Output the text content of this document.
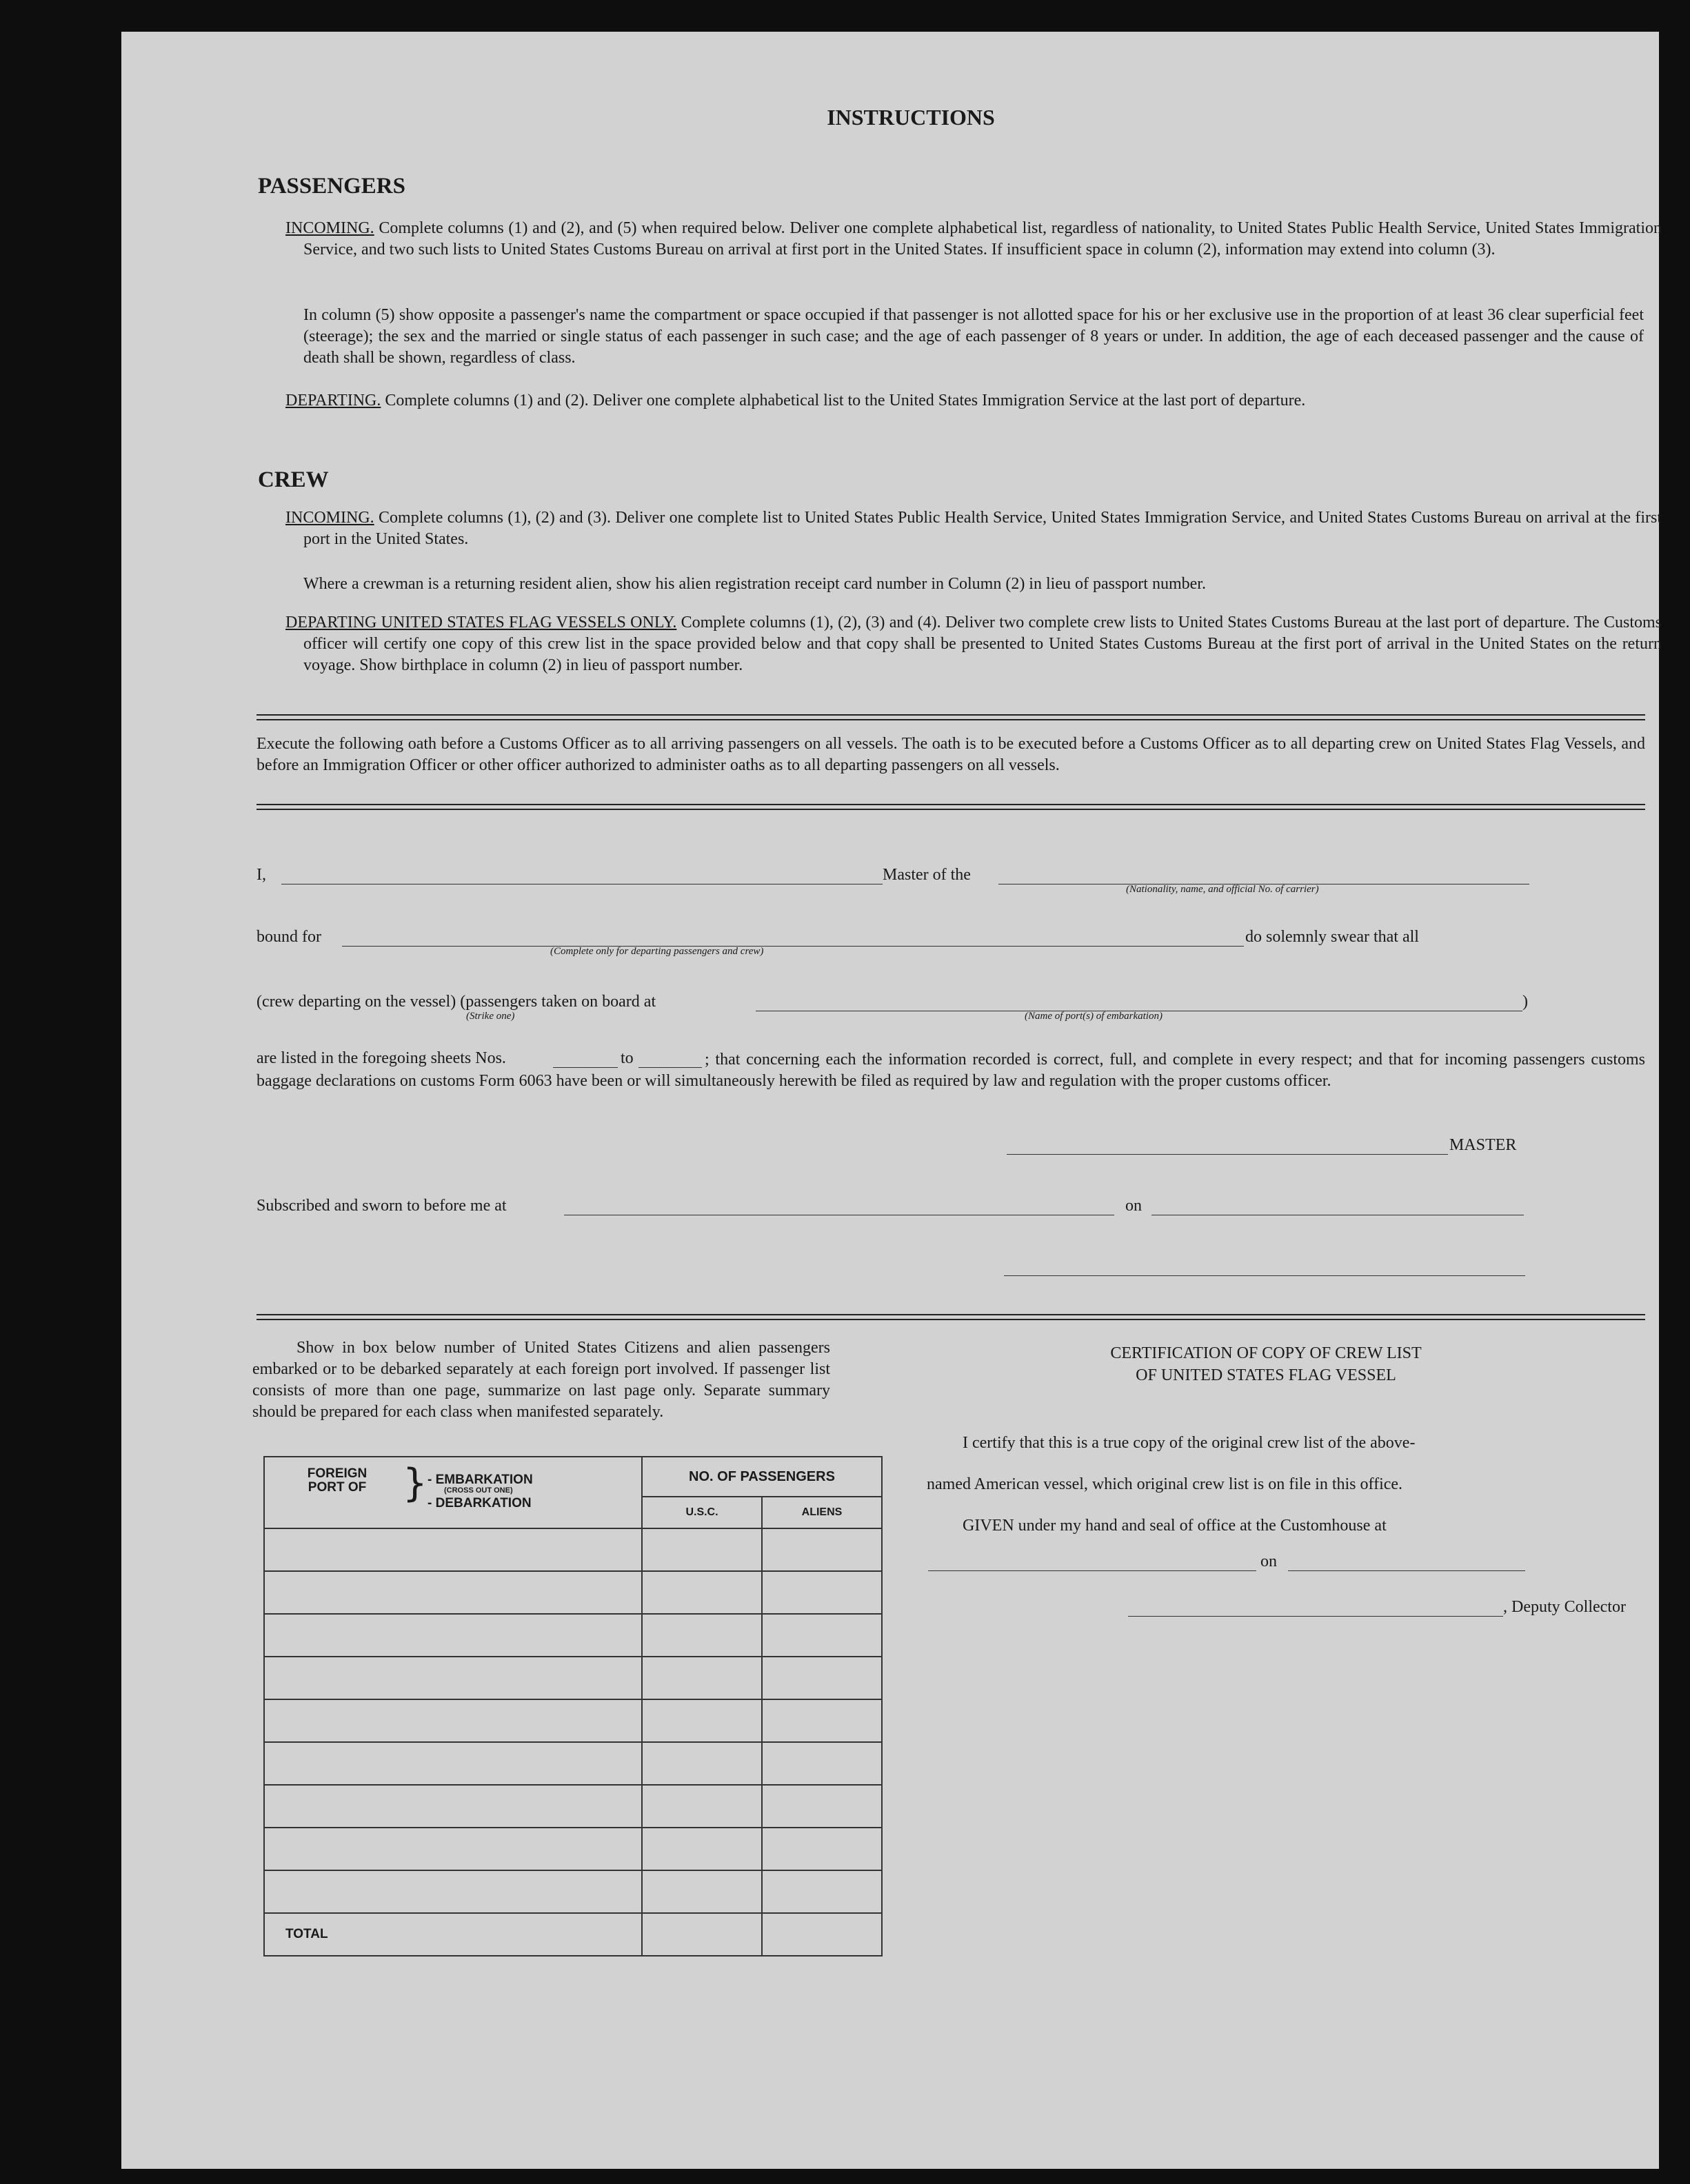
INSTRUCTIONS
PASSENGERS
INCOMING. Complete columns (1) and (2), and (5) when required below. Deliver one complete alphabetical list, regardless of nationality, to United States Public Health Service, United States Immigration Service, and two such lists to United States Customs Bureau on arrival at first port in the United States. If insufficient space in column (2), information may extend into column (3).
In column (5) show opposite a passenger's name the compartment or space occupied if that passenger is not allotted space for his or her exclusive use in the proportion of at least 36 clear superficial feet (steerage); the sex and the married or single status of each passenger in such case; and the age of each passenger of 8 years or under. In addition, the age of each deceased passenger and the cause of death shall be shown, regardless of class.
DEPARTING. Complete columns (1) and (2). Deliver one complete alphabetical list to the United States Immigration Service at the last port of departure.
CREW
INCOMING. Complete columns (1), (2) and (3). Deliver one complete list to United States Public Health Service, United States Immigration Service, and United States Customs Bureau on arrival at the first port in the United States.
Where a crewman is a returning resident alien, show his alien registration receipt card number in Column (2) in lieu of passport number.
DEPARTING UNITED STATES FLAG VESSELS ONLY. Complete columns (1), (2), (3) and (4). Deliver two complete crew lists to United States Customs Bureau at the last port of departure. The Customs officer will certify one copy of this crew list in the space provided below and that copy shall be presented to United States Customs Bureau at the first port of arrival in the United States on the return voyage. Show birthplace in column (2) in lieu of passport number.
Execute the following oath before a Customs Officer as to all arriving passengers on all vessels. The oath is to be executed before a Customs Officer as to all departing crew on United States Flag Vessels, and before an Immigration Officer or other officer authorized to administer oaths as to all departing passengers on all vessels.
I,	Master of the
(Nationality, name, and official No. of carrier)
bound for	do solemnly swear that all
(Complete only for departing passengers and crew)
(crew departing on the vessel) (passengers taken on board at	)
(Strike one)	(Name of port(s) of embarkation)
are listed in the foregoing sheets Nos.	to	; that concerning each the information recorded is correct, full, and complete in every respect; and that for incoming passengers customs baggage declarations on customs Form 6063 have been or will simultaneously herewith be filed as required by law and regulation with the proper customs officer.
MASTER
Subscribed and sworn to before me at	on
Show in box below number of United States Citizens and alien passengers embarked or to be debarked separately at each foreign port involved. If passenger list consists of more than one page, summarize on last page only. Separate summary should be prepared for each class when manifested separately.
CERTIFICATION OF COPY OF CREW LIST
OF UNITED STATES FLAG VESSEL
I certify that this is a true copy of the original crew list of the above-
named American vessel, which original crew list is on file in this office.
GIVEN under my hand and seal of office at the Customhouse at
on
, Deputy Collector
FOREIGN PORT OF } - EMBARKATION
(CROSS OUT ONE)
- DEBARKATION	NO. OF PASSENGERS	
	U.S.C.	ALIENS

TOTAL		
